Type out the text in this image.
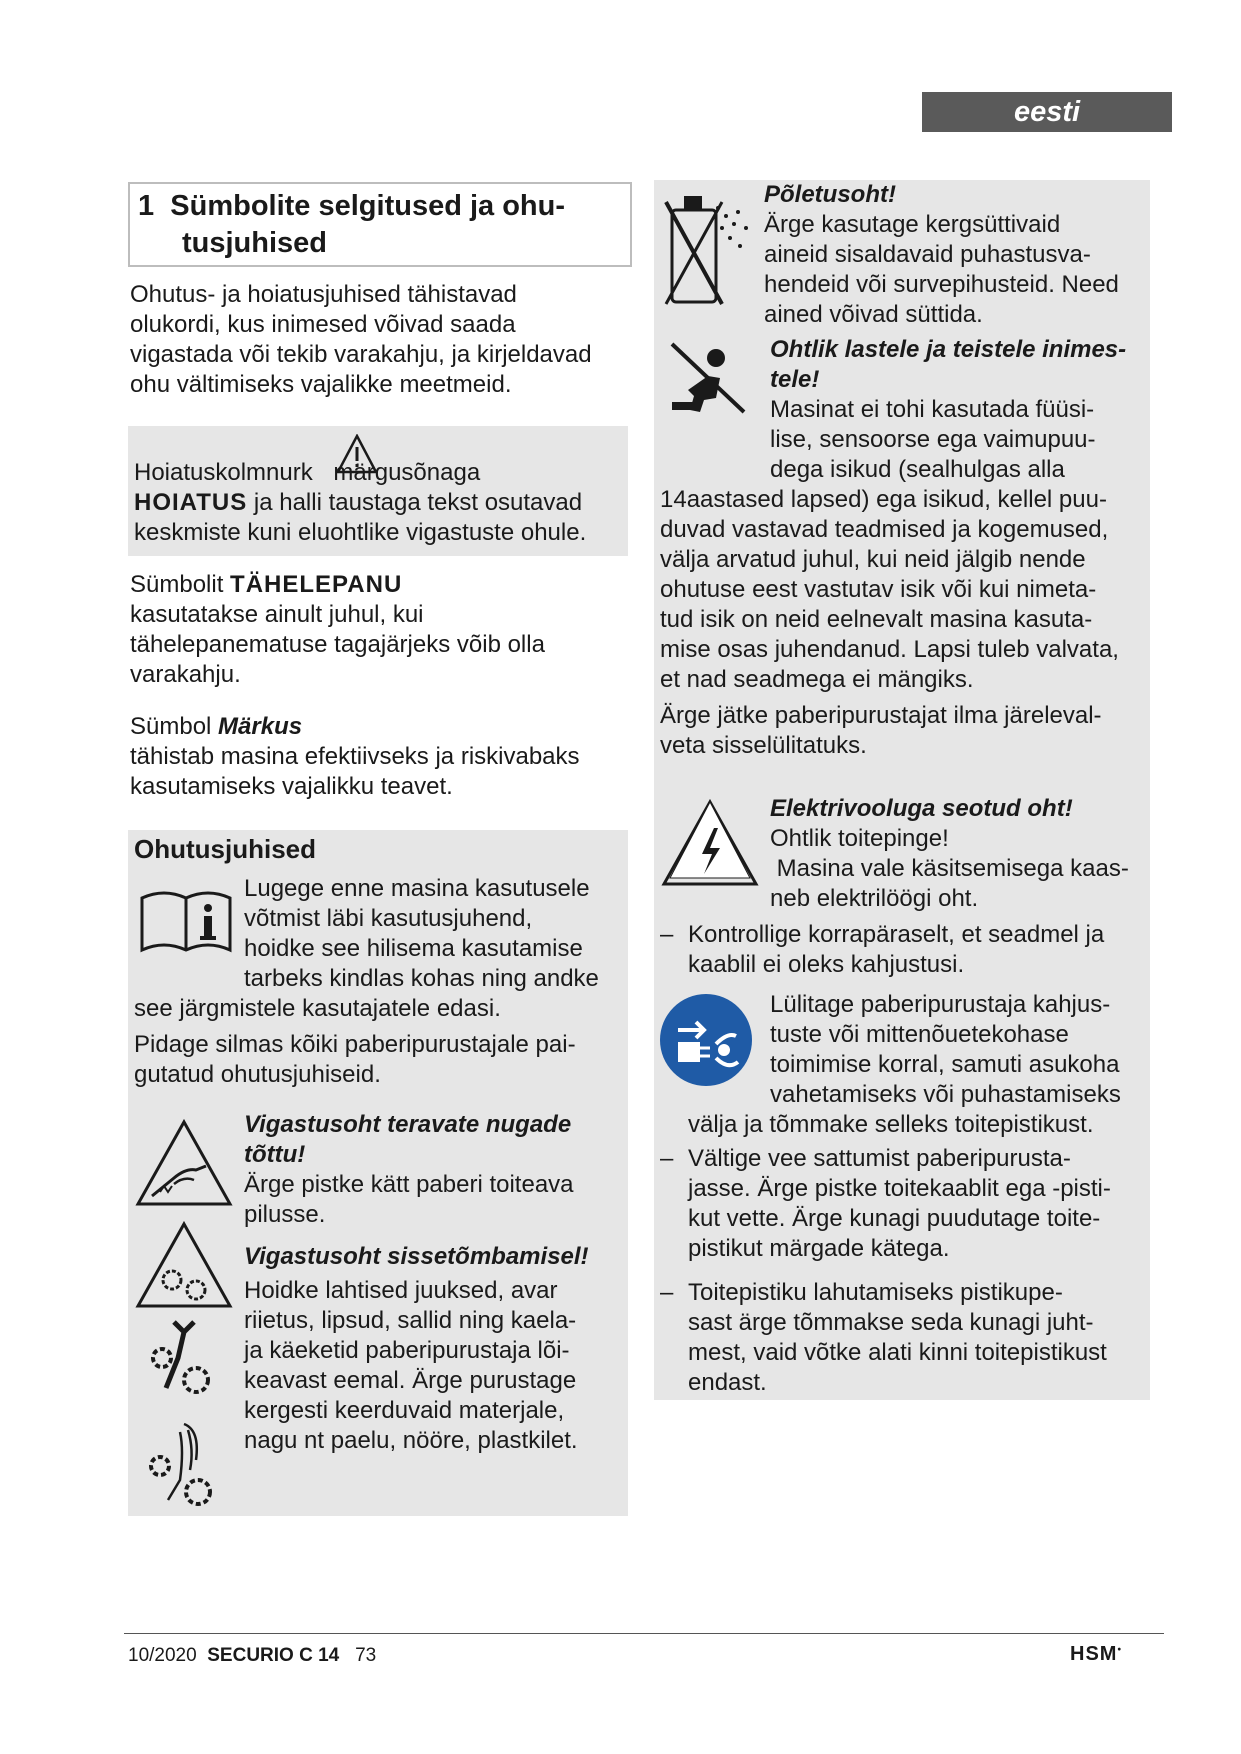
eesti
1 Sümbolite selgitused ja ohu-
tusjuhised
Ohutus- ja hoiatusjuhised tähistavad
olukordi, kus inimesed võivad saada
vigastada või tekib varakahju, ja kirjeldavad
ohu vältimiseks vajalikke meetmeid.
Hoiatuskolmnurk märgusõnaga
HOIATUS ja halli taustaga tekst osutavad
keskmiste kuni eluohtlike vigastuste ohule.
Sümbolit TÄHELEPANU
kasutatakse ainult juhul, kui
tähelepanematuse tagajärjeks võib olla
varakahju.
Sümbol Märkus
tähistab masina efektiivseks ja riskivabaks
kasutamiseks vajalikku teavet.
Ohutusjuhised
Lugege enne masina kasutusele
võtmist läbi kasutusjuhend,
hoidke see hilisema kasutamise
tarbeks kindlas kohas ning andke
see järgmistele kasutajatele edasi.
Pidage silmas kõiki paberipurustajale pai-
gutatud ohutusjuhiseid.
Vigastusoht teravate nugade
tõttu!
Ärge pistke kätt paberi toiteava
pilusse.
Vigastusoht sissetõmbamisel!
Hoidke lahtised juuksed, avar
riietus, lipsud, sallid ning kaela-
ja käeketid paberipurustaja lõi-
keavast eemal. Ärge purustage
kergesti keerduvaid materjale,
nagu nt paelu, nööre, plastkilet.
Põletusoht!
Ärge kasutage kergsüttivaid
aineid sisaldavaid puhastusva-
hendeid või survepihusteid. Need
ained võivad süttida.
Ohtlik lastele ja teistele inimes-
tele!
Masinat ei tohi kasutada füüsi-
lise, sensoorse ega vaimupuu-
dega isikud (sealhulgas alla
14aastased lapsed) ega isikud, kellel puu-
duvad vastavad teadmised ja kogemused,
välja arvatud juhul, kui neid jälgib nende
ohutuse eest vastutav isik või kui nimeta-
tud isik on neid eelnevalt masina kasuta-
mise osas juhendanud. Lapsi tuleb valvata,
et nad seadmega ei mängiks.
Ärge jätke paberipurustajat ilma järeleval-
veta sisselülitatuks.
Elektrivooluga seotud oht!
Ohtlik toitepinge!
Masina vale käsitsemisega kaas-
neb elektrilöögi oht.
– Kontrollige korrapäraselt, et seadmel ja
kaablil ei oleks kahjustusi.
Lülitage paberipurustaja kahjus-
tuste või mittenõuetekohase
toimimise korral, samuti asukoha
vahetamiseks või puhastamiseks
välja ja tõmmake selleks toitepistikust.
– Vältige vee sattumist paberipurusta-
jasse. Ärge pistke toitekaablit ega -pisti-
kut vette. Ärge kunagi puudutage toite-
pistikut märgade kätega.
– Toitepistiku lahutamiseks pistikupe-
sast ärge tõmmakse seda kunagi juht-
mest, vaid võtke alati kinni toitepistikust
endast.
10/2020 SECURIO C 14 73	HSM•
